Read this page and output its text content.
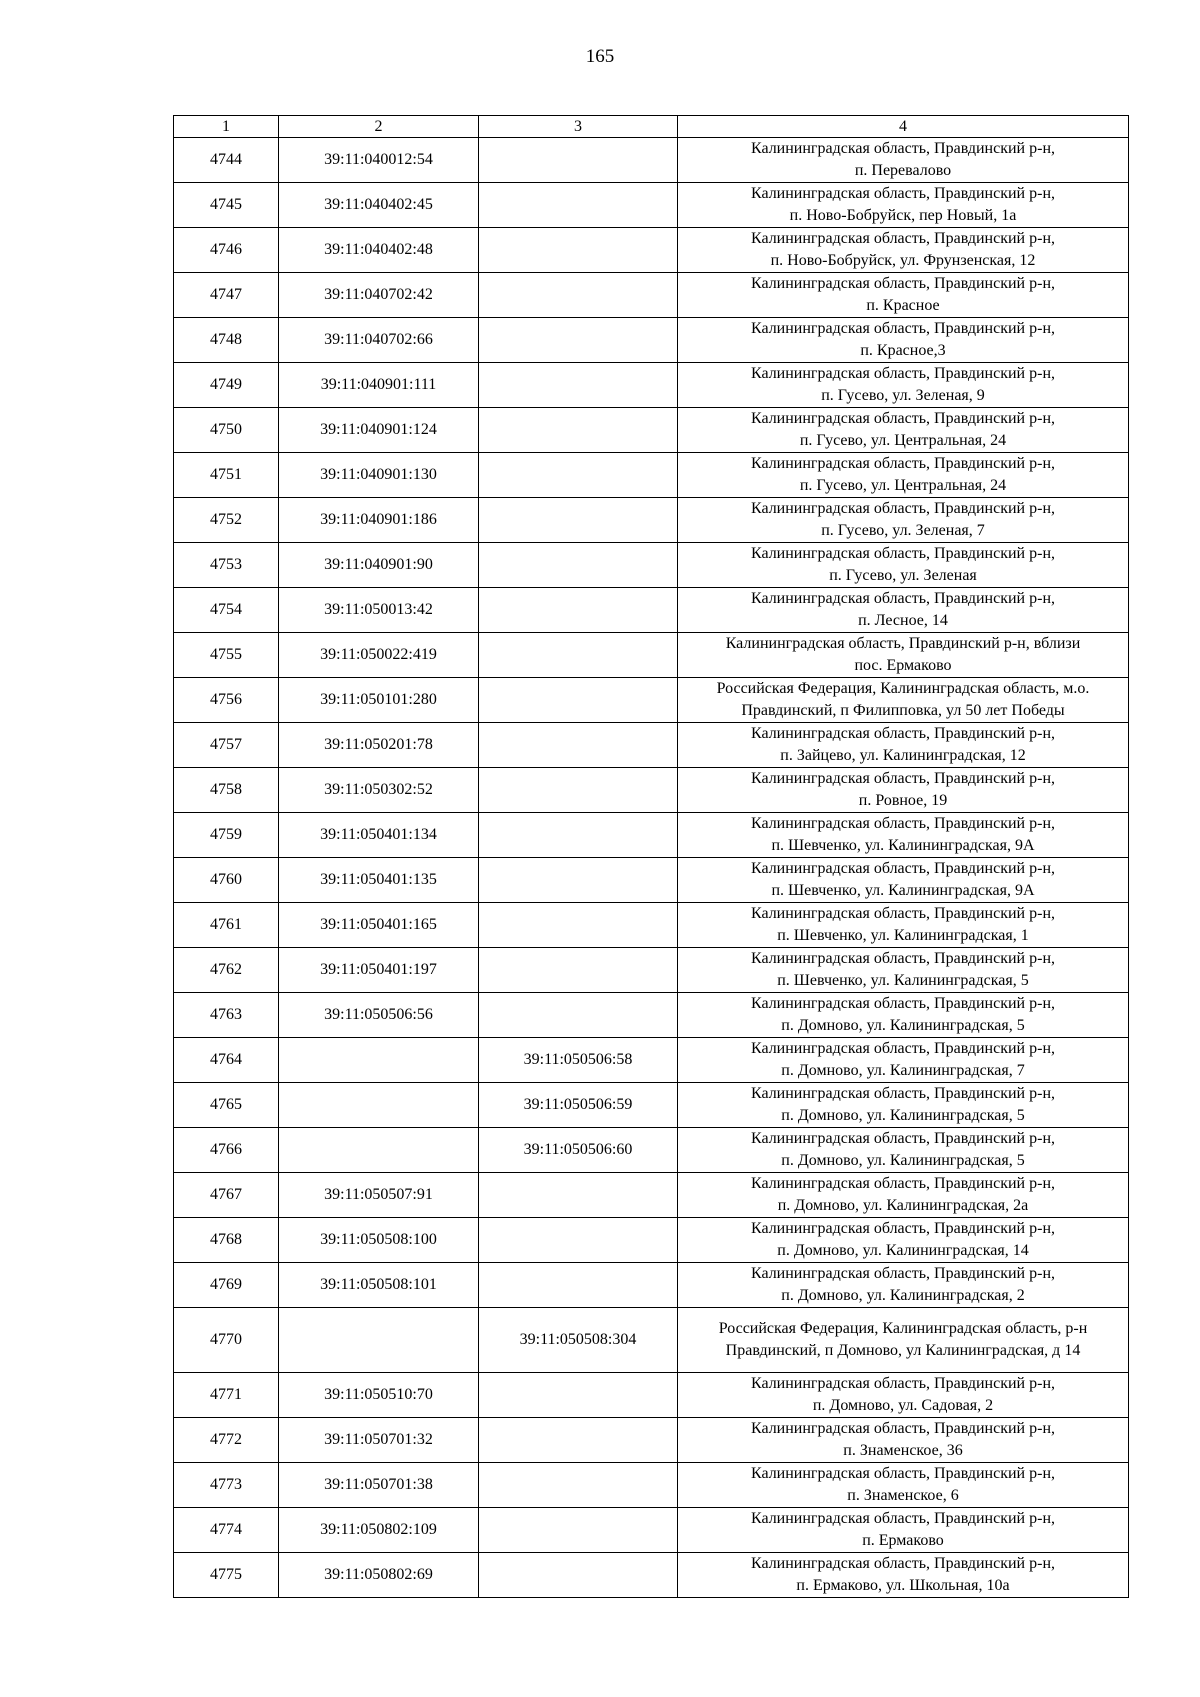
165
1	2	3	4
4744	39:11:040012:54		Калининградская область, Правдинский р-н,
п. Перевалово

4745	39:11:040402:45		Калининградская область, Правдинский р-н,
п. Ново-Бобруйск, пер Новый, 1а

4746	39:11:040402:48		Калининградская область, Правдинский р-н,
п. Ново-Бобруйск, ул. Фрунзенская, 12

4747	39:11:040702:42		Калининградская область, Правдинский р-н,
п. Красное

4748	39:11:040702:66		Калининградская область, Правдинский р-н,
п. Красное,3

4749	39:11:040901:111		Калининградская область, Правдинский р-н,
п. Гусево, ул. Зеленая, 9

4750	39:11:040901:124		Калининградская область, Правдинский р-н,
п. Гусево, ул. Центральная, 24

4751	39:11:040901:130		Калининградская область, Правдинский р-н,
п. Гусево, ул. Центральная, 24

4752	39:11:040901:186		Калининградская область, Правдинский р-н,
п. Гусево, ул. Зеленая, 7

4753	39:11:040901:90		Калининградская область, Правдинский р-н,
п. Гусево, ул. Зеленая

4754	39:11:050013:42		Калининградская область, Правдинский р-н,
п. Лесное, 14

4755	39:11:050022:419		Калининградская область, Правдинский р-н, вблизи
пос. Ермаково

4756	39:11:050101:280		Российская Федерация, Калининградская область, м.о.
Правдинский, п Филипповка, ул 50 лет Победы

4757	39:11:050201:78		Калининградская область, Правдинский р-н,
п. Зайцево, ул. Калининградская, 12

4758	39:11:050302:52		Калининградская область, Правдинский р-н,
п. Ровное, 19

4759	39:11:050401:134		Калининградская область, Правдинский р-н,
п. Шевченко, ул. Калининградская, 9А

4760	39:11:050401:135		Калининградская область, Правдинский р-н,
п. Шевченко, ул. Калининградская, 9А

4761	39:11:050401:165		Калининградская область, Правдинский р-н,
п. Шевченко, ул. Калининградская, 1

4762	39:11:050401:197		Калининградская область, Правдинский р-н,
п. Шевченко, ул. Калининградская, 5

4763	39:11:050506:56		Калининградская область, Правдинский р-н,
п. Домново, ул. Калининградская, 5

4764		39:11:050506:58	Калининградская область, Правдинский р-н,
п. Домново, ул. Калининградская, 7

4765		39:11:050506:59	Калининградская область, Правдинский р-н,
п. Домново, ул. Калининградская, 5

4766		39:11:050506:60	Калининградская область, Правдинский р-н,
п. Домново, ул. Калининградская, 5

4767	39:11:050507:91		Калининградская область, Правдинский р-н,
п. Домново, ул. Калининградская, 2а

4768	39:11:050508:100		Калининградская область, Правдинский р-н,
п. Домново, ул. Калининградская, 14

4769	39:11:050508:101		Калининградская область, Правдинский р-н,
п. Домново, ул. Калининградская, 2

4770		39:11:050508:304	Российская Федерация, Калининградская область, р-н
Правдинский, п Домново, ул Калининградская, д 14

4771	39:11:050510:70		Калининградская область, Правдинский р-н,
п. Домново, ул. Садовая, 2

4772	39:11:050701:32		Калининградская область, Правдинский р-н,
п. Знаменское, 36

4773	39:11:050701:38		Калининградская область, Правдинский р-н,
п. Знаменское, 6

4774	39:11:050802:109		Калининградская область, Правдинский р-н,
п. Ермаково

4775	39:11:050802:69		Калининградская область, Правдинский р-н,
п. Ермаково, ул. Школьная, 10а
